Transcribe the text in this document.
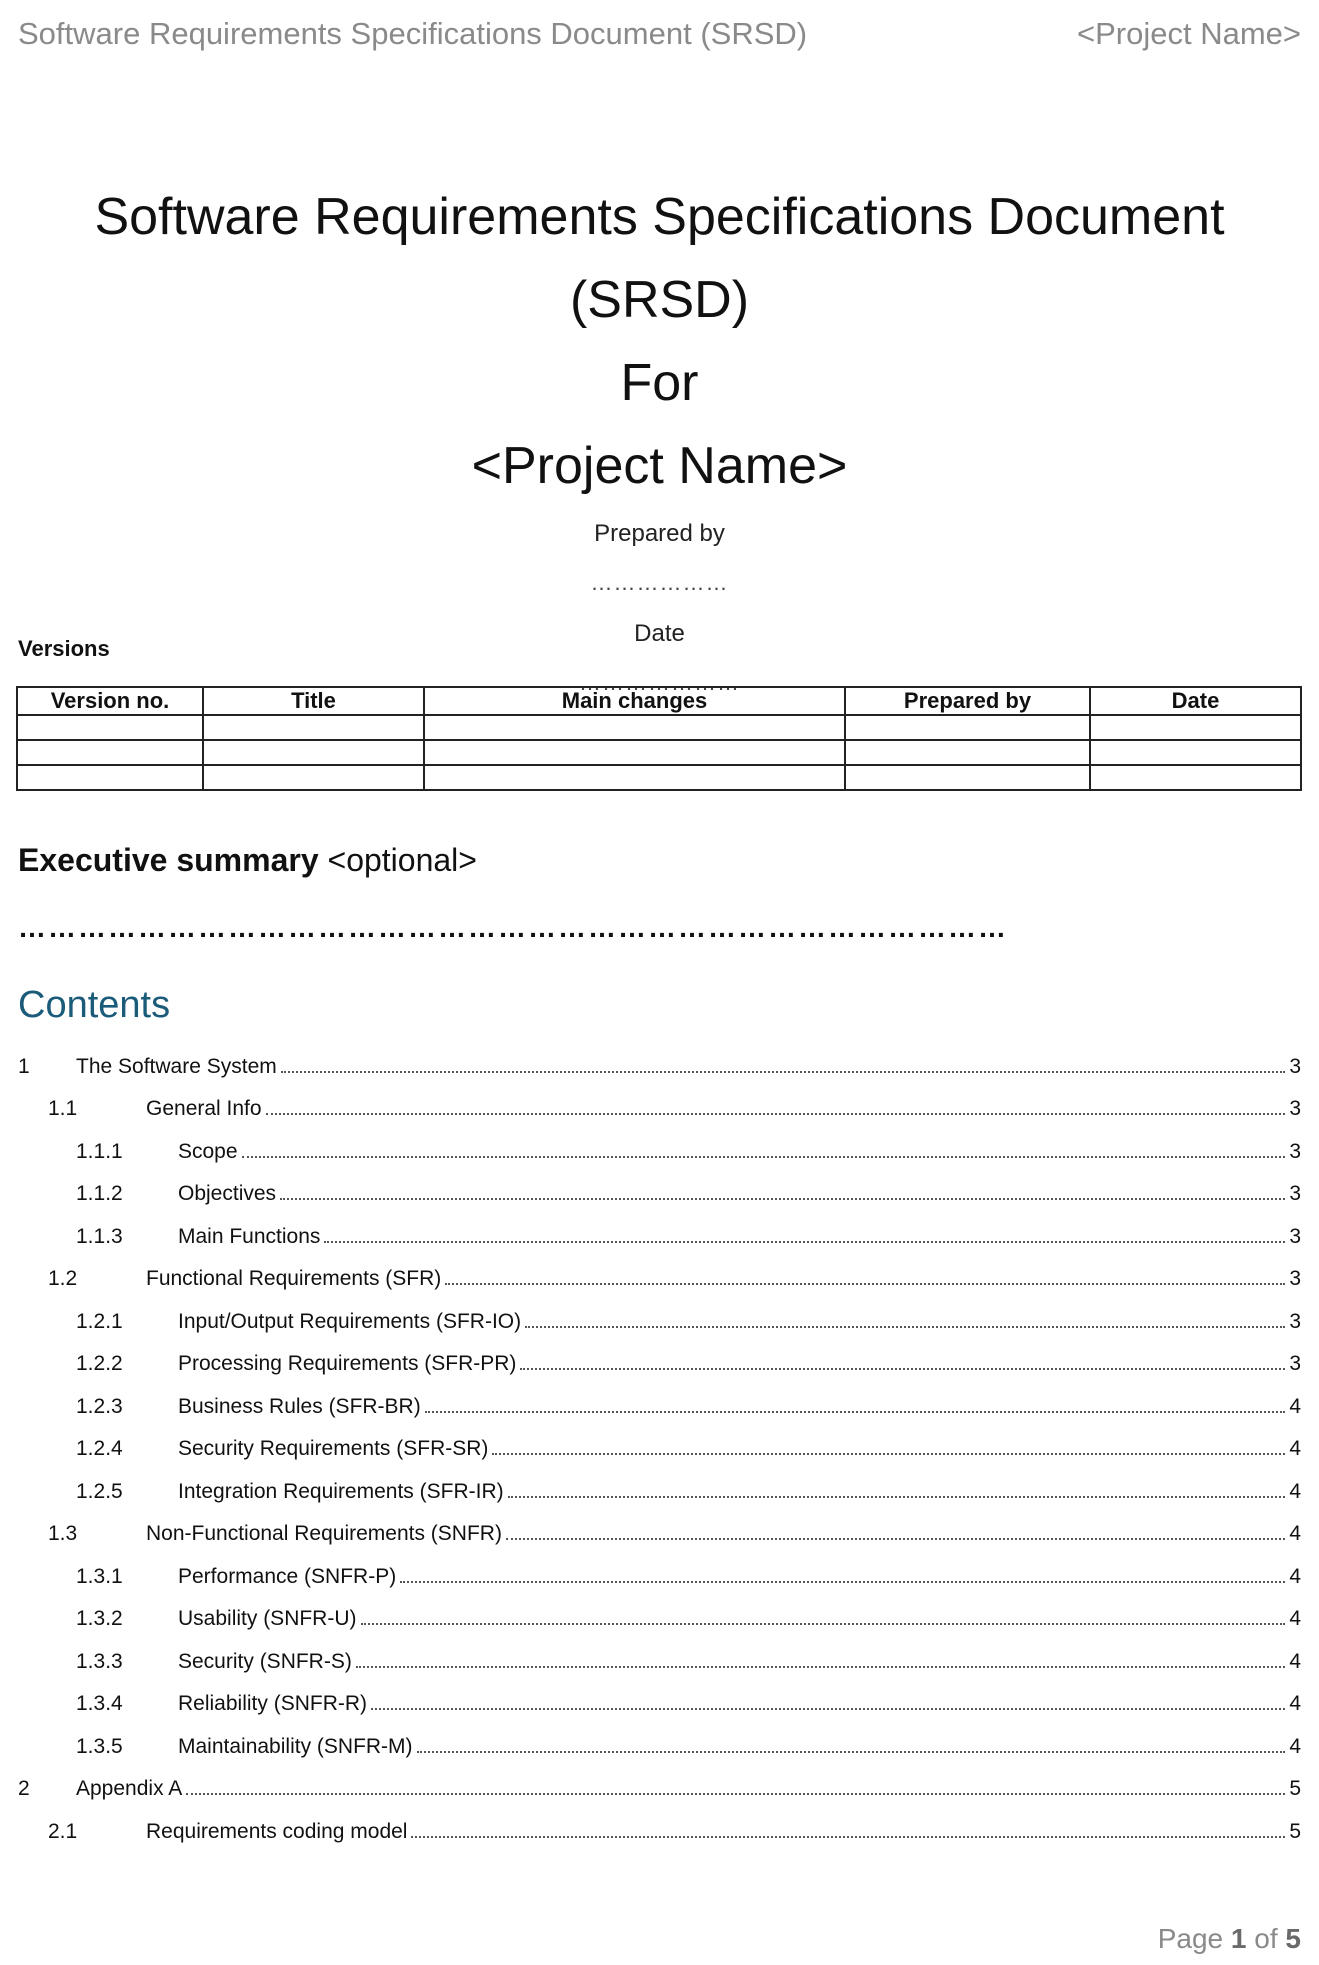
Software Requirements Specifications Document (SRSD)	<Project Name>
Software Requirements Specifications Document (SRSD)
For
<Project Name>
Prepared by
………………
Date
…………………
Versions
Version no.	Title	Main changes	Prepared by	Date

Executive summary <optional>
………………………………………………………………………………………
Contents
1	The Software System	3
1.1	General Info	3
1.1.1	Scope	3
1.1.2	Objectives	3
1.1.3	Main Functions	3
1.2	Functional Requirements (SFR)	3
1.2.1	Input/Output Requirements (SFR-IO)	3
1.2.2	Processing Requirements (SFR-PR)	3
1.2.3	Business Rules (SFR-BR)	4
1.2.4	Security Requirements (SFR-SR)	4
1.2.5	Integration Requirements (SFR-IR)	4
1.3	Non-Functional Requirements (SNFR)	4
1.3.1	Performance (SNFR-P)	4
1.3.2	Usability (SNFR-U)	4
1.3.3	Security (SNFR-S)	4
1.3.4	Reliability (SNFR-R)	4
1.3.5	Maintainability (SNFR-M)	4
2	Appendix A	5
2.1	Requirements coding model	5
Page 1 of 5
